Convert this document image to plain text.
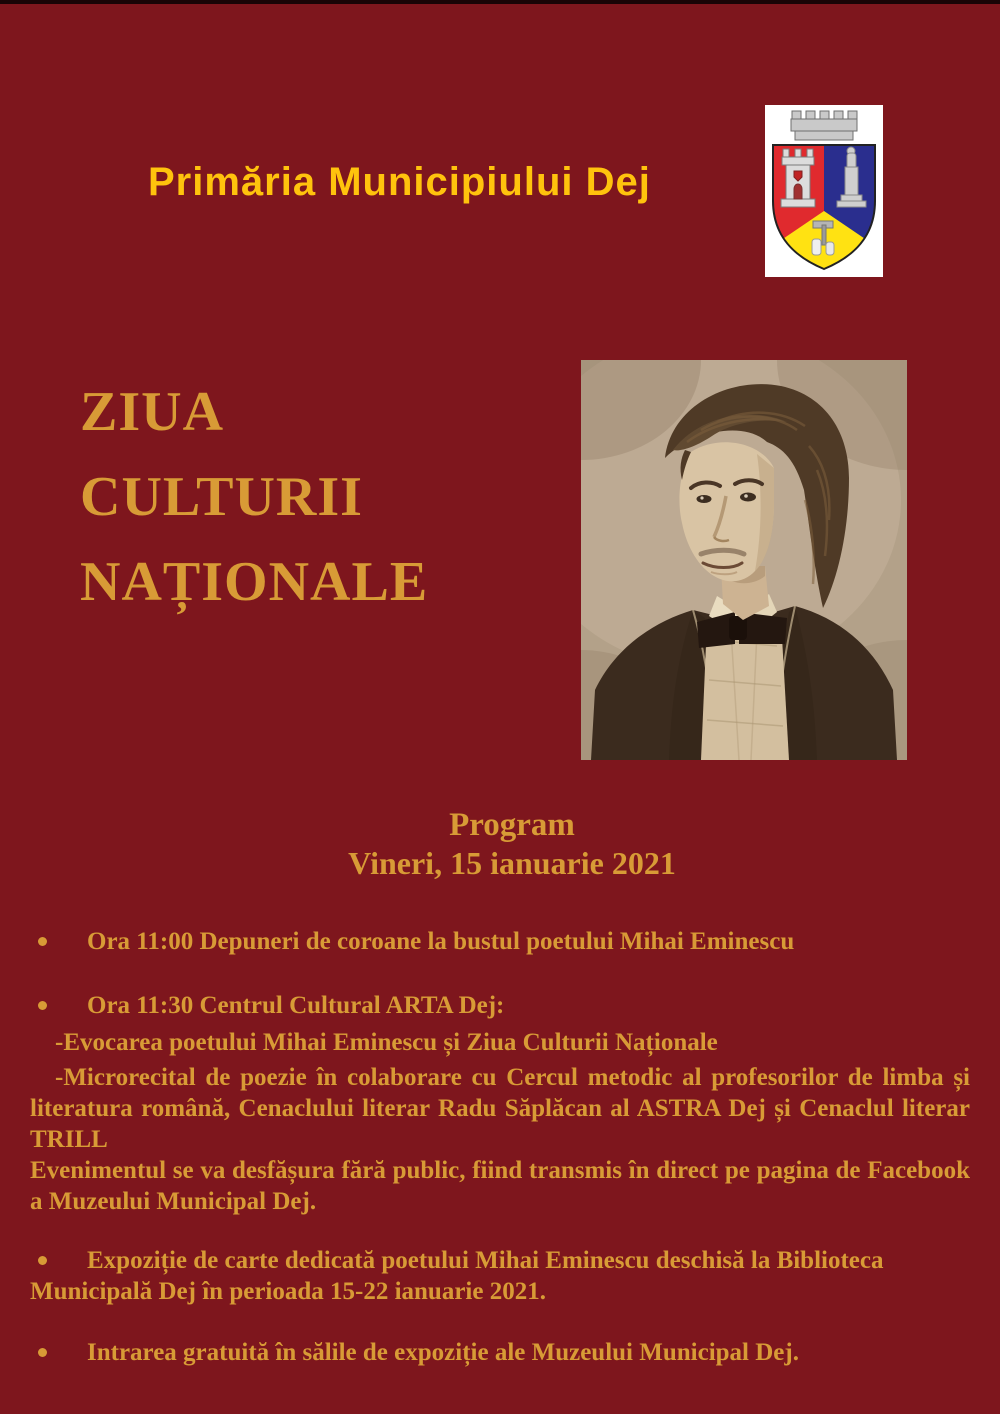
Primăria Municipiului Dej
ZIUA
CULTURII
NAȚIONALE
Program
Vineri, 15 ianuarie 2021

Ora 11:00 Depuneri de coroane la bustul poetului Mihai Eminescu

Ora 11:30 Centrul Cultural ARTA Dej:

-Evocarea poetului Mihai Eminescu și Ziua Culturii Naționale

-Microrecital de poezie în colaborare cu Cercul metodic al profesorilor de limba și literatura română, Cenaclului literar Radu Săplăcan al ASTRA Dej și Cenaclul literar TRILL

Evenimentul se va desfășura fără public, fiind transmis în direct pe pagina de Facebook a Muzeului Municipal Dej.

Expoziție de carte dedicată poetului Mihai Eminescu deschisă la Biblioteca Municipală Dej în perioada 15-22 ianuarie 2021.

Intrarea gratuită în sălile de expoziție ale Muzeului Municipal Dej.
